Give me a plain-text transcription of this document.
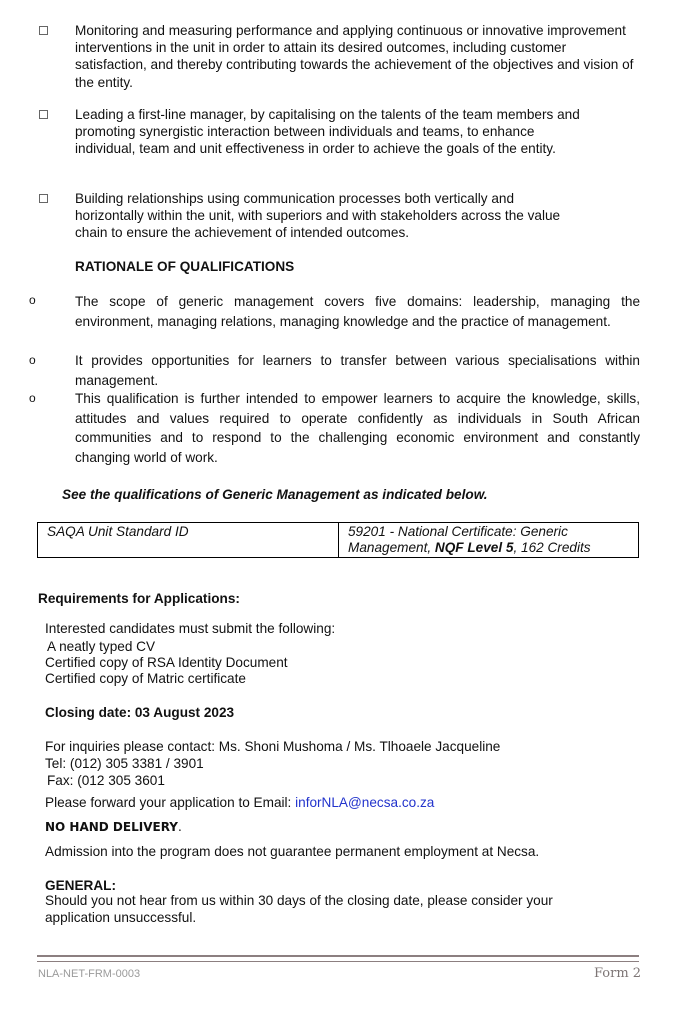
Monitoring and measuring performance and applying continuous or innovative improvement interventions in the unit in order to attain its desired outcomes, including customer satisfaction, and thereby contributing towards the achievement of the objectives and vision of the entity.
Leading a first-line manager, by capitalising on the talents of the team members and promoting synergistic interaction between individuals and teams, to enhance individual, team and unit effectiveness in order to achieve the goals of the entity.
Building relationships using communication processes both vertically and horizontally within the unit, with superiors and with stakeholders across the value chain to ensure the achievement of intended outcomes.
RATIONALE OF QUALIFICATIONS
o	The scope of generic management covers five domains: leadership, managing the environment, managing relations, managing knowledge and the practice of management.
o	It provides opportunities for learners to transfer between various specialisations within management.
o	This qualification is further intended to empower learners to acquire the knowledge, skills, attitudes and values required to operate confidently as individuals in South African communities and to respond to the challenging economic environment and constantly changing world of work.
See the qualifications of Generic Management as indicated below.
SAQA Unit Standard ID	59201 - National Certificate: Generic Management, NQF Level 5, 162 Credits
Requirements for Applications:
Interested candidates must submit the following:
A neatly typed CV
Certified copy of RSA Identity Document
Certified copy of Matric certificate
Closing date: 03 August 2023
For inquiries please contact: Ms. Shoni Mushoma / Ms. Tlhoaele Jacqueline
Tel: (012) 305 3381 / 3901
Fax: (012 305 3601
Please forward your application to Email: inforNLA@necsa.co.za
NO HAND DELIVERY.
Admission into the program does not guarantee permanent employment at Necsa.
GENERAL:
Should you not hear from us within 30 days of the closing date, please consider your application unsuccessful.
NLA-NET-FRM-0003	Form 2
